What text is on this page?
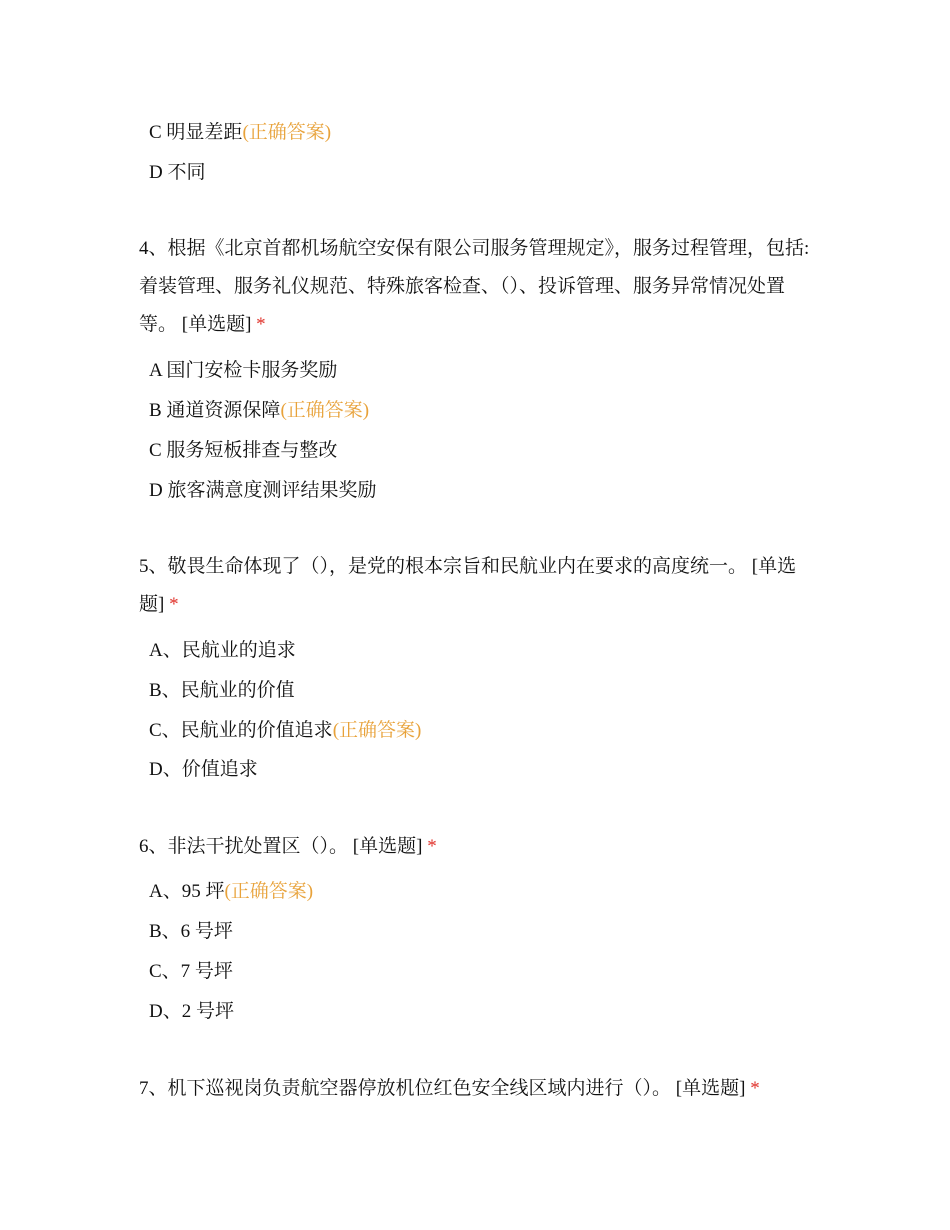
C 明显差距(正确答案)

D 不同

4、根据《北京首都机场航空安保有限公司服务管理规定》，服务过程管理，包括:着装管理、服务礼仪规范、特殊旅客检查、（）、投诉管理、服务异常情况处置等。 [单选题] *

A 国门安检卡服务奖励

B 通道资源保障(正确答案)

C 服务短板排查与整改

D 旅客满意度测评结果奖励

5、敬畏生命体现了（），是党的根本宗旨和民航业内在要求的高度统一。 [单选题] *

A、民航业的追求

B、民航业的价值

C、民航业的价值追求(正确答案)

D、价值追求

6、非法干扰处置区（）。 [单选题] *

A、95 坪(正确答案)

B、6 号坪

C、7 号坪

D、2 号坪

7、机下巡视岗负责航空器停放机位红色安全线区域内进行（）。 [单选题] *
